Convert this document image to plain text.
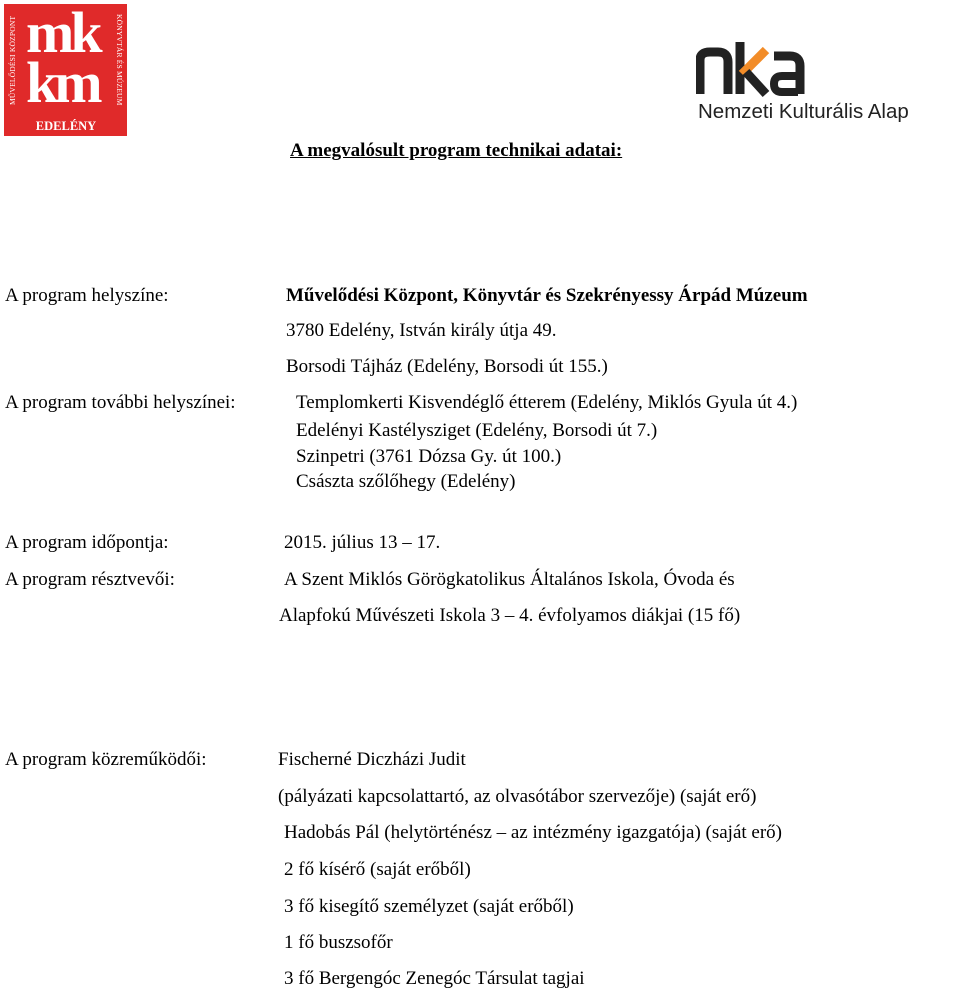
MŰVELŐDÉSI KÖZPONT mk
km	KÖNYVTÁR ÉS MÚZEUM
EDELÉNY
Nemzeti Kulturális Alap
A megvalósult program technikai adatai:
A program helyszíne:	Művelődési Központ, Könyvtár és Szekrényessy Árpád Múzeum
3780 Edelény, István király útja 49.
Borsodi Tájház (Edelény, Borsodi út 155.)
A program további helyszínei:	Templomkerti Kisvendéglő étterem (Edelény, Miklós Gyula út 4.)
Edelényi Kastélysziget (Edelény, Borsodi út 7.)
Szinpetri (3761 Dózsa Gy. út 100.)
Császta szőlőhegy (Edelény)
A program időpontja:	2015. július 13 – 17.
A program résztvevői:	A Szent Miklós Görögkatolikus Általános Iskola, Óvoda és
Alapfokú Művészeti Iskola 3 – 4. évfolyamos diákjai (15 fő)
A program közreműködői:	Fischerné Diczházi Judit
(pályázati kapcsolattartó, az olvasótábor szervezője) (saját erő)
Hadobás Pál (helytörténész – az intézmény igazgatója) (saját erő)
2 fő kísérő (saját erőből)
3 fő kisegítő személyzet (saját erőből)
1 fő buszsofőr
3 fő Bergengóc Zenegóc Társulat tagjai
